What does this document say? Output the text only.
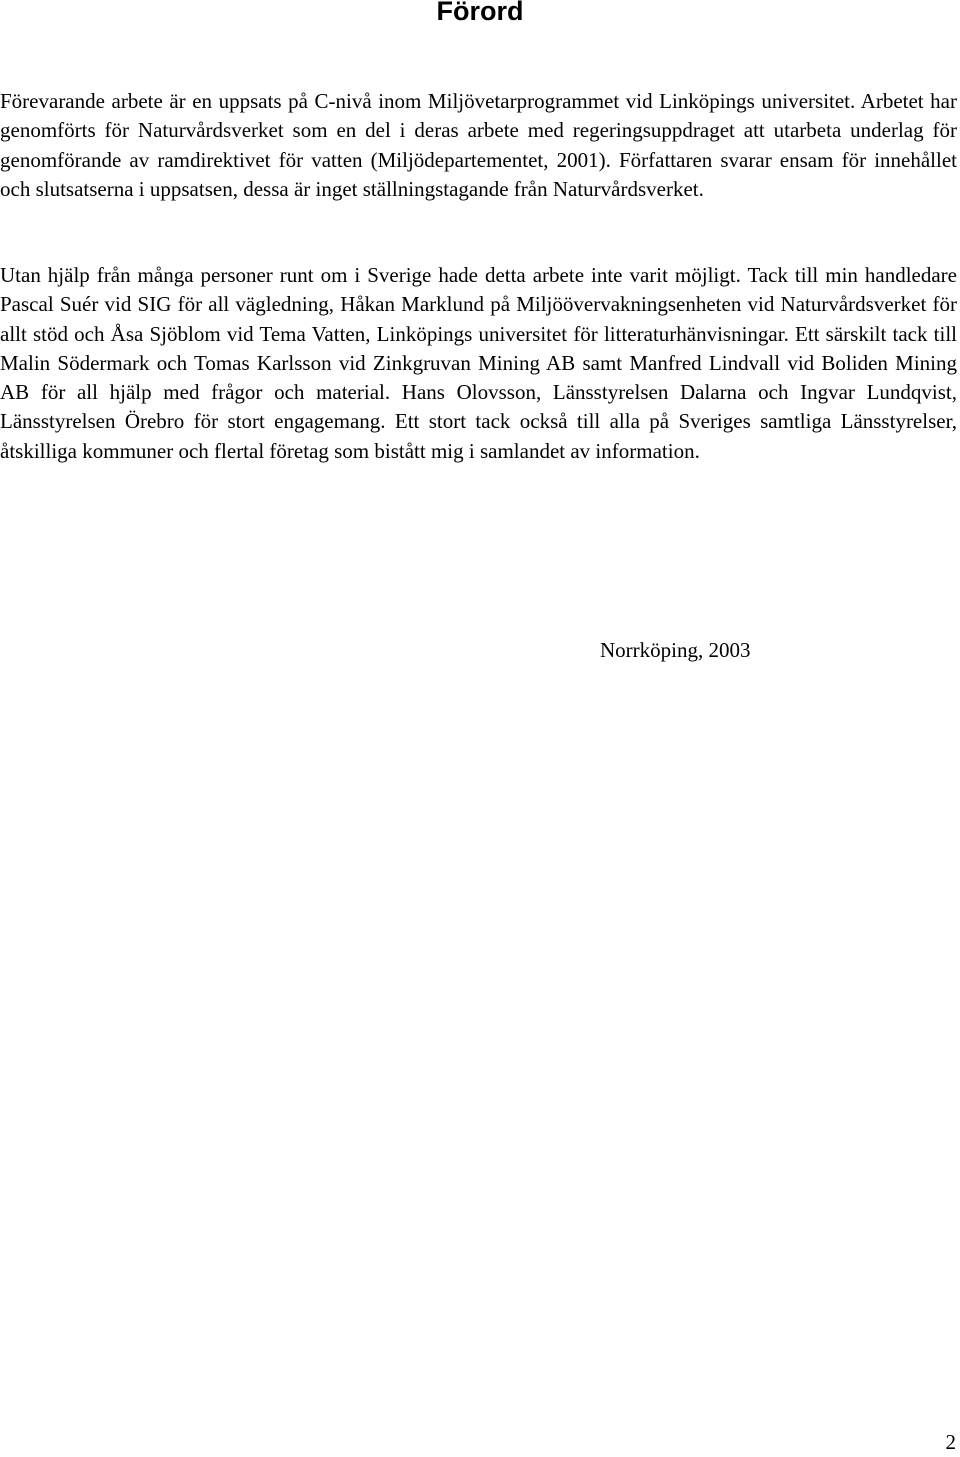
Förord

Förevarande arbete är en uppsats på C-nivå inom Miljövetarprogrammet vid Linköpings universitet. Arbetet har genomförts för Naturvårdsverket som en del i deras arbete med regeringsuppdraget att utarbeta underlag för genomförande av ramdirektivet för vatten (Miljödepartementet, 2001). Författaren svarar ensam för innehållet och slutsatserna i uppsatsen, dessa är inget ställningstagande från Naturvårdsverket.

Utan hjälp från många personer runt om i Sverige hade detta arbete inte varit möjligt. Tack till min handledare Pascal Suér vid SIG för all vägledning, Håkan Marklund på Miljöövervakningsenheten vid Naturvårdsverket för allt stöd och Åsa Sjöblom vid Tema Vatten, Linköpings universitet för litteraturhänvisningar. Ett särskilt tack till Malin Södermark och Tomas Karlsson vid Zinkgruvan Mining AB samt Manfred Lindvall vid Boliden Mining AB för all hjälp med frågor och material. Hans Olovsson, Länsstyrelsen Dalarna och Ingvar Lundqvist, Länsstyrelsen Örebro för stort engagemang. Ett stort tack också till alla på Sveriges samtliga Länsstyrelser, åtskilliga kommuner och flertal företag som bistått mig i samlandet av information.

Norrköping, 2003

2
